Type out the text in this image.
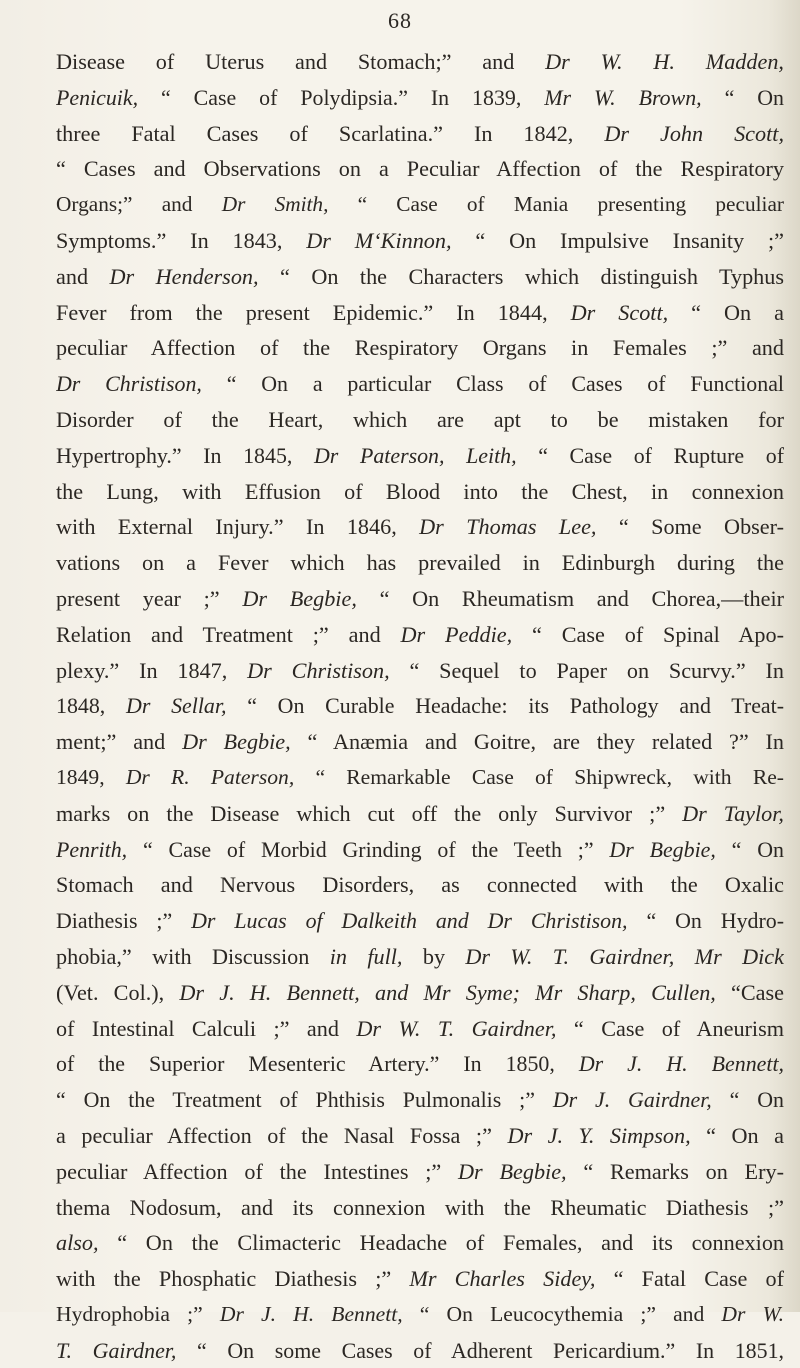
68
Disease of Uterus and Stomach;” and Dr W. H. Madden,
Penicuik, “ Case of Polydipsia.” In 1839, Mr W. Brown, “ On
three Fatal Cases of Scarlatina.” In 1842, Dr John Scott,
“ Cases and Observations on a Peculiar Affection of the Respiratory
Organs;” and Dr Smith, “ Case of Mania presenting peculiar
Symptoms.” In 1843, Dr M‘Kinnon, “ On Impulsive Insanity ;”
and Dr Henderson, “ On the Characters which distinguish Typhus
Fever from the present Epidemic.” In 1844, Dr Scott, “ On a
peculiar Affection of the Respiratory Organs in Females ;” and
Dr Christison, “ On a particular Class of Cases of Functional
Disorder of the Heart, which are apt to be mistaken for
Hypertrophy.” In 1845, Dr Paterson, Leith, “ Case of Rupture of
the Lung, with Effusion of Blood into the Chest, in connexion
with External Injury.” In 1846, Dr Thomas Lee, “ Some Obser-
vations on a Fever which has prevailed in Edinburgh during the
present year ;” Dr Begbie, “ On Rheumatism and Chorea,—their
Relation and Treatment ;” and Dr Peddie, “ Case of Spinal Apo-
plexy.” In 1847, Dr Christison, “ Sequel to Paper on Scurvy.” In
1848, Dr Sellar, “ On Curable Headache: its Pathology and Treat-
ment;” and Dr Begbie, “ Anæmia and Goitre, are they related ?” In
1849, Dr R. Paterson, “ Remarkable Case of Shipwreck, with Re-
marks on the Disease which cut off the only Survivor ;” Dr Taylor,
Penrith, “ Case of Morbid Grinding of the Teeth ;” Dr Begbie, “ On
Stomach and Nervous Disorders, as connected with the Oxalic
Diathesis ;” Dr Lucas of Dalkeith and Dr Christison, “ On Hydro-
phobia,” with Discussion in full, by Dr W. T. Gairdner, Mr Dick
(Vet. Col.), Dr J. H. Bennett, and Mr Syme; Mr Sharp, Cullen, “Case
of Intestinal Calculi ;” and Dr W. T. Gairdner, “ Case of Aneurism
of the Superior Mesenteric Artery.” In 1850, Dr J. H. Bennett,
“ On the Treatment of Phthisis Pulmonalis ;” Dr J. Gairdner, “ On
a peculiar Affection of the Nasal Fossa ;” Dr J. Y. Simpson, “ On a
peculiar Affection of the Intestines ;” Dr Begbie, “ Remarks on Ery-
thema Nodosum, and its connexion with the Rheumatic Diathesis ;”
also, “ On the Climacteric Headache of Females, and its connexion
with the Phosphatic Diathesis ;” Mr Charles Sidey, “ Fatal Case of
Hydrophobia ;” Dr J. H. Bennett, “ On Leucocythemia ;” and Dr W.
T. Gairdner, “ On some Cases of Adherent Pericardium.” In 1851,
